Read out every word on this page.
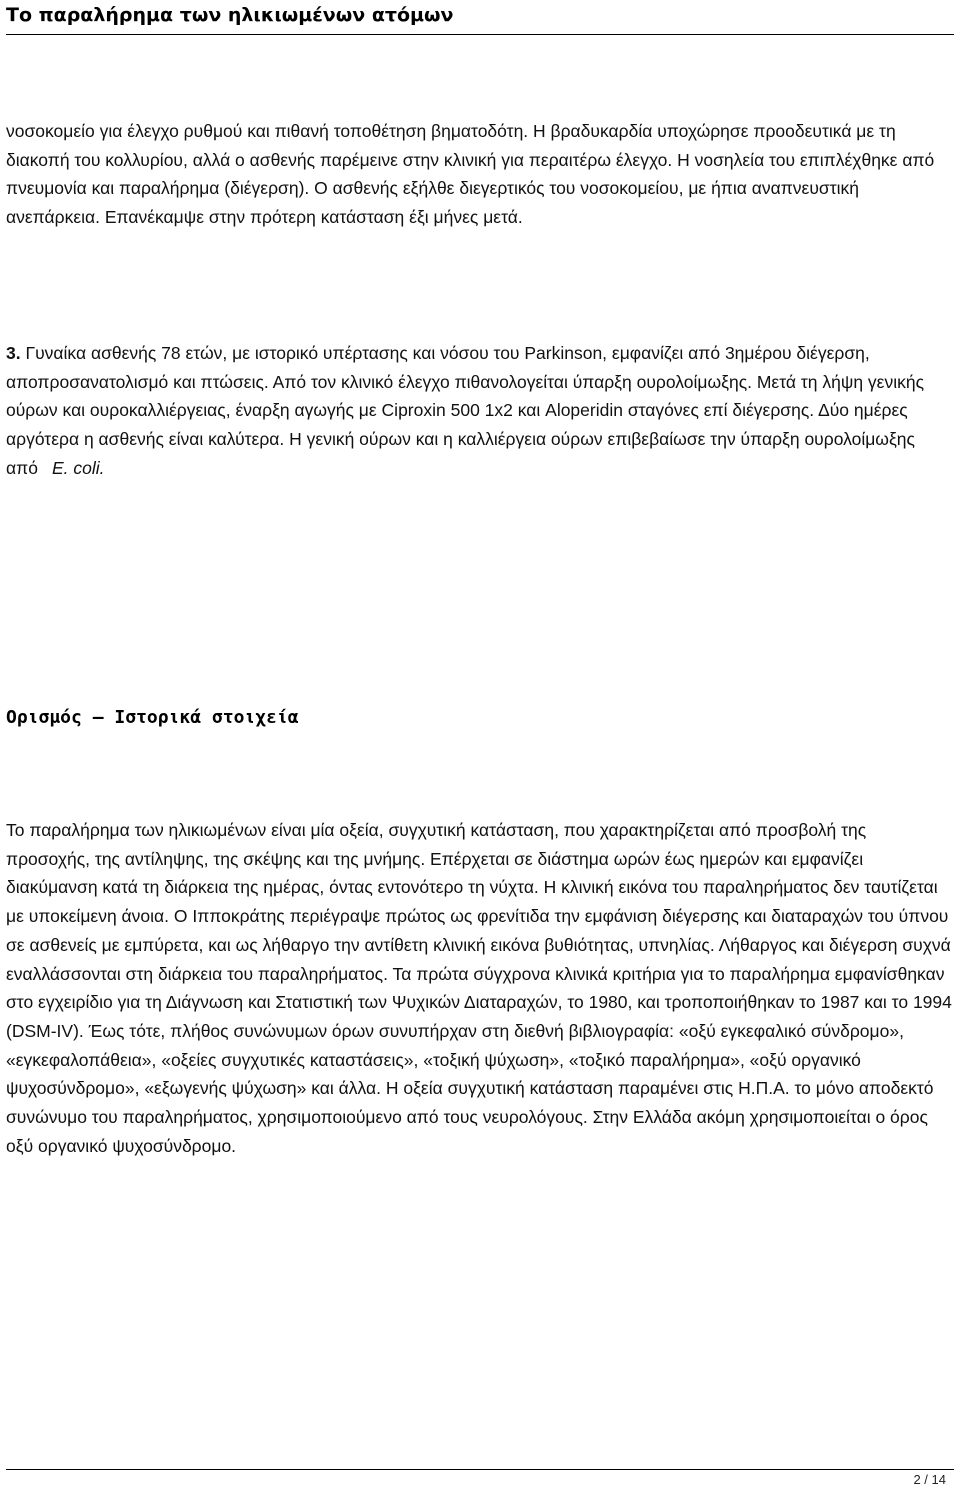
Το παραλήρημα των ηλικιωμένων ατόμων

νοσοκομείο για έλεγχο ρυθμού και πιθανή τοποθέτηση βηματοδότη. Η βραδυκαρδία υποχώρησε προοδευτικά με τη διακοπή του κολλυρίου, αλλά ο ασθενής παρέμεινε στην κλινική για περαιτέρω έλεγχο. Η νοσηλεία του επιπλέχθηκε από πνευμονία και παραλήρημα (διέγερση). Ο ασθενής εξήλθε διεγερτικός του νοσοκομείου, με ήπια αναπνευστική ανεπάρκεια. Επανέκαμψε στην πρότερη κατάσταση έξι μήνες μετά.

3. Γυναίκα ασθενής 78 ετών, με ιστορικό υπέρτασης και νόσου του Parkinson, εμφανίζει από 3ημέρου διέγερση, αποπροσανατολισμό και πτώσεις. Από τον κλινικό έλεγχο πιθανολογείται ύπαρξη ουρολοίμωξης. Μετά τη λήψη γενικής ούρων και ουροκαλλιέργειας, έναρξη αγωγής με Ciproxin 500 1x2 και Aloperidin σταγόνες επί διέγερσης. Δύο ημέρες αργότερα η ασθενής είναι καλύτερα. Η γενική ούρων και η καλλιέργεια ούρων επιβεβαίωσε την ύπαρξη ουρολοίμωξης από E. coli.

Ορισμός – Ιστορικά στοιχεία

Το παραλήρημα των ηλικιωμένων είναι μία οξεία, συγχυτική κατάσταση, που χαρακτηρίζεται από προσβολή της προσοχής, της αντίληψης, της σκέψης και της μνήμης. Επέρχεται σε διάστημα ωρών έως ημερών και εμφανίζει διακύμανση κατά τη διάρκεια της ημέρας, όντας εντονότερο τη νύχτα. Η κλινική εικόνα του παραληρήματος δεν ταυτίζεται με υποκείμενη άνοια. Ο Ιπποκράτης περιέγραψε πρώτος ως φρενίτιδα την εμφάνιση διέγερσης και διαταραχών του ύπνου σε ασθενείς με εμπύρετα, και ως λήθαργο την αντίθετη κλινική εικόνα βυθιότητας, υπνηλίας. Λήθαργος και διέγερση συχνά εναλλάσσονται στη διάρκεια του παραληρήματος. Τα πρώτα σύγχρονα κλινικά κριτήρια για το παραλήρημα εμφανίσθηκαν στο εγχειρίδιο για τη Διάγνωση και Στατιστική των Ψυχικών Διαταραχών, το 1980, και τροποποιήθηκαν το 1987 και το 1994 (DSM-IV). Έως τότε, πλήθος συνώνυμων όρων συνυπήρχαν στη διεθνή βιβλιογραφία: «οξύ εγκεφαλικό σύνδρομο», «εγκεφαλοπάθεια», «οξείες συγχυτικές καταστάσεις», «τοξική ψύχωση», «τοξικό παραλήρημα», «οξύ οργανικό ψυχοσύνδρομο», «εξωγενής ψύχωση» και άλλα. Η οξεία συγχυτική κατάσταση παραμένει στις Η.Π.Α. το μόνο αποδεκτό συνώνυμο του παραληρήματος, χρησιμοποιούμενο από τους νευρολόγους. Στην Ελλάδα ακόμη χρησιμοποιείται ο όρος οξύ οργανικό ψυχοσύνδρομο.

2 / 14
